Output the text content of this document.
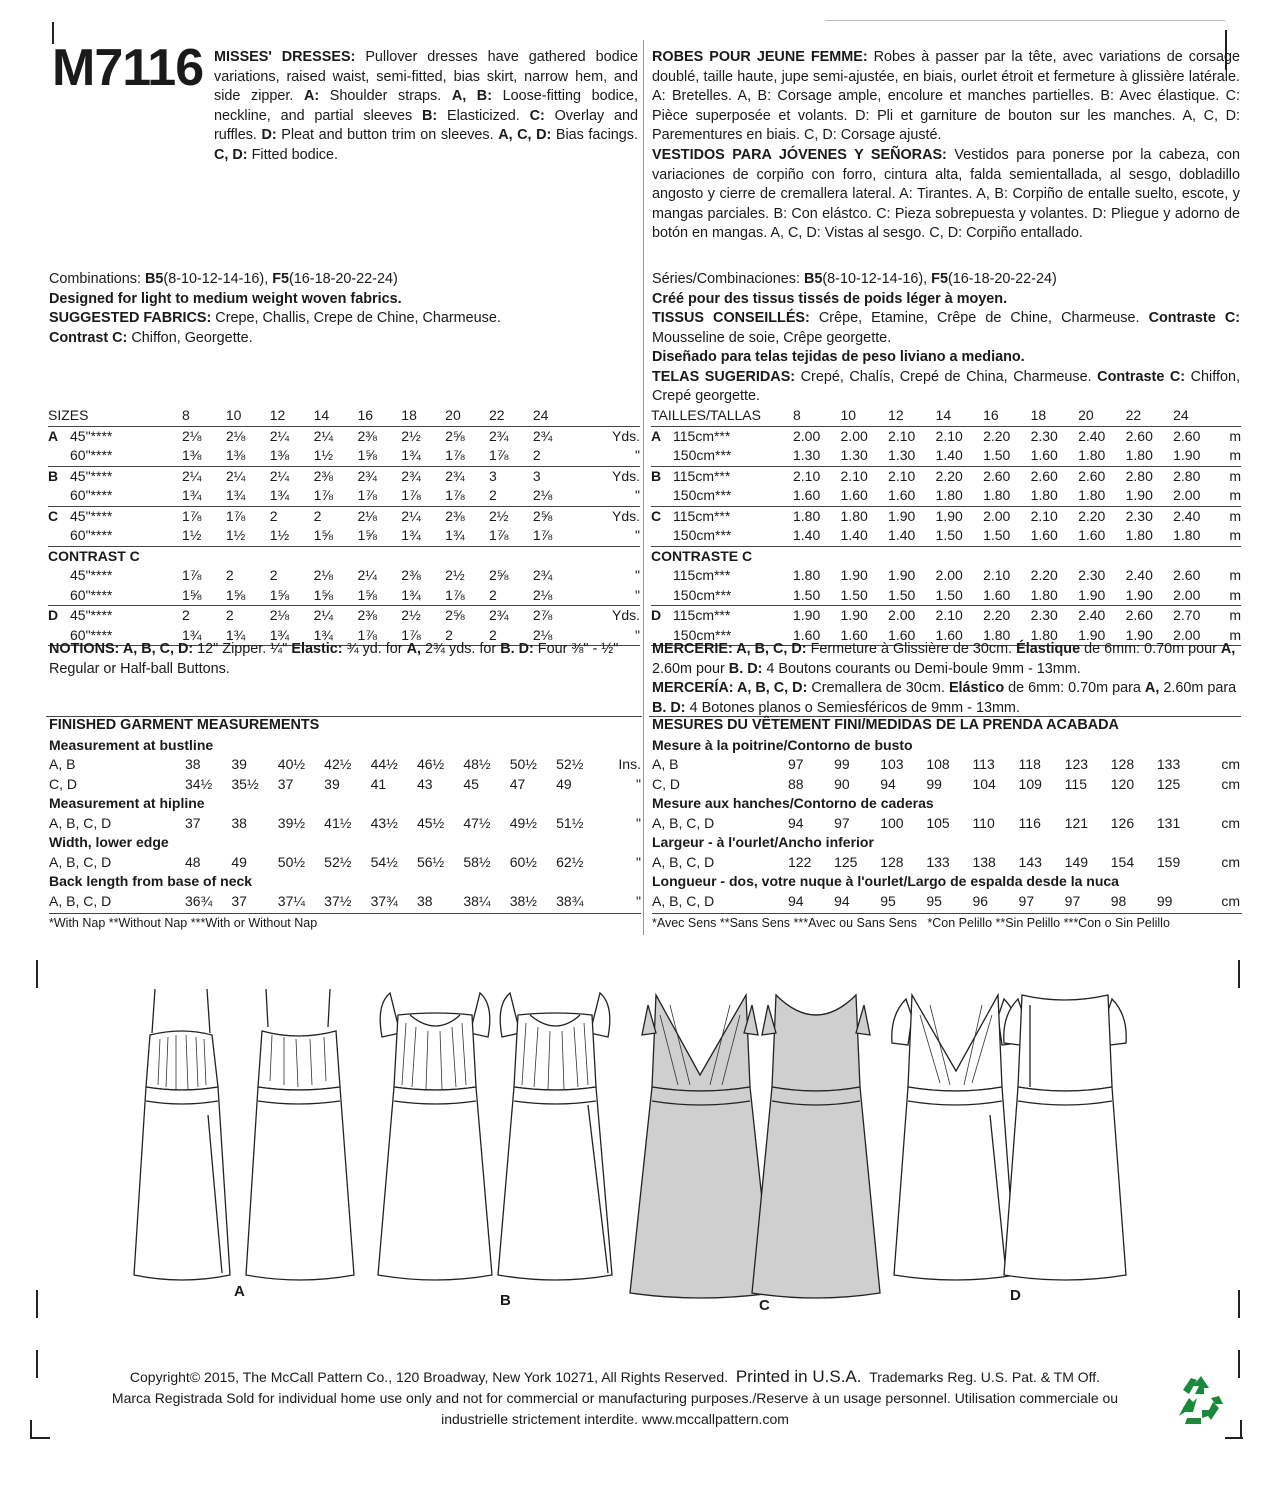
M7116 MISSES' DRESSES: Pullover dresses have gathered bodice variations, raised waist, semi-fitted, bias skirt, narrow hem, and side zipper. A: Shoulder straps. A, B: Loose-fitting bodice, neckline, and partial sleeves B: Elasticized. C: Overlay and ruffles. D: Pleat and button trim on sleeves. A, C, D: Bias facings. C, D: Fitted bodice.
ROBES POUR JEUNE FEMME: Robes à passer par la tête, avec variations de corsage doublé, taille haute, jupe semi-ajustée, en biais, ourlet étroit et fermeture à glissière latérale. A: Bretelles. A, B: Corsage ample, encolure et manches partielles. B: Avec élastique. C: Pièce superposée et volants. D: Pli et garniture de bouton sur les manches. A, C, D: Parementures en biais. C, D: Corsage ajusté.
VESTIDOS PARA JÓVENES Y SEÑORAS: Vestidos para ponerse por la cabeza, con variaciones de corpiño con forro, cintura alta, falda semientallada, al sesgo, dobladillo angosto y cierre de cremallera lateral. A: Tirantes. A, B: Corpiño de entalle suelto, escote, y mangas parciales. B: Con elástco. C: Pieza sobrepuesta y volantes. D: Pliegue y adorno de botón en mangas. A, C, D: Vistas al sesgo. C, D: Corpiño entallado.
Combinations: B5(8-10-12-14-16), F5(16-18-20-22-24)
Designed for light to medium weight woven fabrics.
SUGGESTED FABRICS: Crepe, Challis, Crepe de Chine, Charmeuse.
Contrast C: Chiffon, Georgette.
Séries/Combinaciones: B5(8-10-12-14-16), F5(16-18-20-22-24)
Créé pour des tissus tissés de poids léger à moyen.
TISSUS CONSEILLÉS: Crêpe, Etamine, Crêpe de Chine, Charmeuse. Contraste C: Mousseline de soie, Crêpe georgette.
Diseñado para telas tejidas de peso liviano a mediano.
TELAS SUGERIDAS: Crepé, Chalís, Crepé de China, Charmeuse. Contraste C: Chiffon, Crepé georgette.
SIZES		8	10	12	14	16	18	20	22	24	
A	45"****	2⅛	2⅛	2¼	2¼	2⅜	2½	2⅝	2¾	2¾	Yds.
	60"****	1⅜	1⅜	1⅜	1½	1⅝	1¾	1⅞	1⅞	2	"
B	45"****	2¼	2¼	2¼	2⅜	2¾	2¾	2¾	3	3	Yds.
	60"****	1¾	1¾	1¾	1⅞	1⅞	1⅞	1⅞	2	2⅛	"
C	45"****	1⅞	1⅞	2	2	2⅛	2¼	2⅜	2½	2⅝	Yds.
	60"****	1½	1½	1½	1⅝	1⅝	1¾	1¾	1⅞	1⅞	"
CONTRAST C											
	45"****	1⅞	2	2	2⅛	2¼	2⅜	2½	2⅝	2¾	"
	60"****	1⅝	1⅝	1⅝	1⅝	1⅝	1¾	1⅞	2	2⅛	"
D	45"****	2	2	2⅛	2¼	2⅜	2½	2⅝	2¾	2⅞	Yds.
	60"****	1¾	1¾	1¾	1¾	1⅞	1⅞	2	2	2⅛	"
TAILLES/TALLAS		8	10	12	14	16	18	20	22	24	
A	115cm***	2.00	2.00	2.10	2.10	2.20	2.30	2.40	2.60	2.60	m
	150cm***	1.30	1.30	1.30	1.40	1.50	1.60	1.80	1.80	1.90	m
B	115cm***	2.10	2.10	2.10	2.20	2.60	2.60	2.60	2.80	2.80	m
	150cm***	1.60	1.60	1.60	1.80	1.80	1.80	1.80	1.90	2.00	m
C	115cm***	1.80	1.80	1.90	1.90	2.00	2.10	2.20	2.30	2.40	m
	150cm***	1.40	1.40	1.40	1.50	1.50	1.60	1.60	1.80	1.80	m
CONTRASTE C											
	115cm***	1.80	1.90	1.90	2.00	2.10	2.20	2.30	2.40	2.60	m
	150cm***	1.50	1.50	1.50	1.50	1.60	1.80	1.90	1.90	2.00	m
D	115cm***	1.90	1.90	2.00	2.10	2.20	2.30	2.40	2.60	2.70	m
	150cm***	1.60	1.60	1.60	1.60	1.80	1.80	1.90	1.90	2.00	m
NOTIONS: A, B, C, D: 12" Zipper. ¼" Elastic: ¾ yd. for A, 2¾ yds. for B. D: Four ⅜" - ½" Regular or Half-ball Buttons.
MERCERIE: A, B, C, D: Fermeture à Glissière de 30cm. Élastique de 6mm: 0.70m pour A, 2.60m pour B. D: 4 Boutons courants ou Demi-boule 9mm - 13mm.
MERCERÍA: A, B, C, D: Cremallera de 30cm. Elástico de 6mm: 0.70m para A, 2.60m para B. D: 4 Botones planos o Semiesféricos de 9mm - 13mm.
FINISHED GARMENT MEASUREMENTS
Measurement at bustline										
A, B	38	39	40½	42½	44½	46½	48½	50½	52½	Ins.
C, D	34½	35½	37	39	41	43	45	47	49	"
Measurement at hipline										
A, B, C, D	37	38	39½	41½	43½	45½	47½	49½	51½	"
Width, lower edge										
A, B, C, D	48	49	50½	52½	54½	56½	58½	60½	62½	"
Back length from base of neck										
A, B, C, D	36¾	37	37¼	37½	37¾	38	38¼	38½	38¾	"
*With Nap **Without Nap ***With or Without Nap
MESURES DU VÊTEMENT FINI/MEDIDAS DE LA PRENDA ACABADA
Mesure à la poitrine/Contorno de busto										
A, B	97	99	103	108	113	118	123	128	133	cm
C, D	88	90	94	99	104	109	115	120	125	cm
Mesure aux hanches/Contorno de caderas										
A, B, C, D	94	97	100	105	110	116	121	126	131	cm
Largeur - à l'ourlet/Ancho inferior										
A, B, C, D	122	125	128	133	138	143	149	154	159	cm
Longueur - dos, votre nuque à l'ourlet/Largo de espalda desde la nuca										
A, B, C, D	94	94	95	95	96	97	97	98	99	cm
*Avec Sens **Sans Sens ***Avec ou Sans Sens   *Con Pelillo **Sin Pelillo ***Con o Sin Pelillo
A
B	C
D
Copyright© 2015, The McCall Pattern Co., 120 Broadway, New York 10271, All Rights Reserved. Printed in U.S.A. Trademarks Reg. U.S. Pat. & TM Off.
Marca Registrada Sold for individual home use only and not for commercial or manufacturing purposes./Reserve à un usage personnel. Utilisation commerciale ou
industrielle strictement interdite. www.mccallpattern.com
